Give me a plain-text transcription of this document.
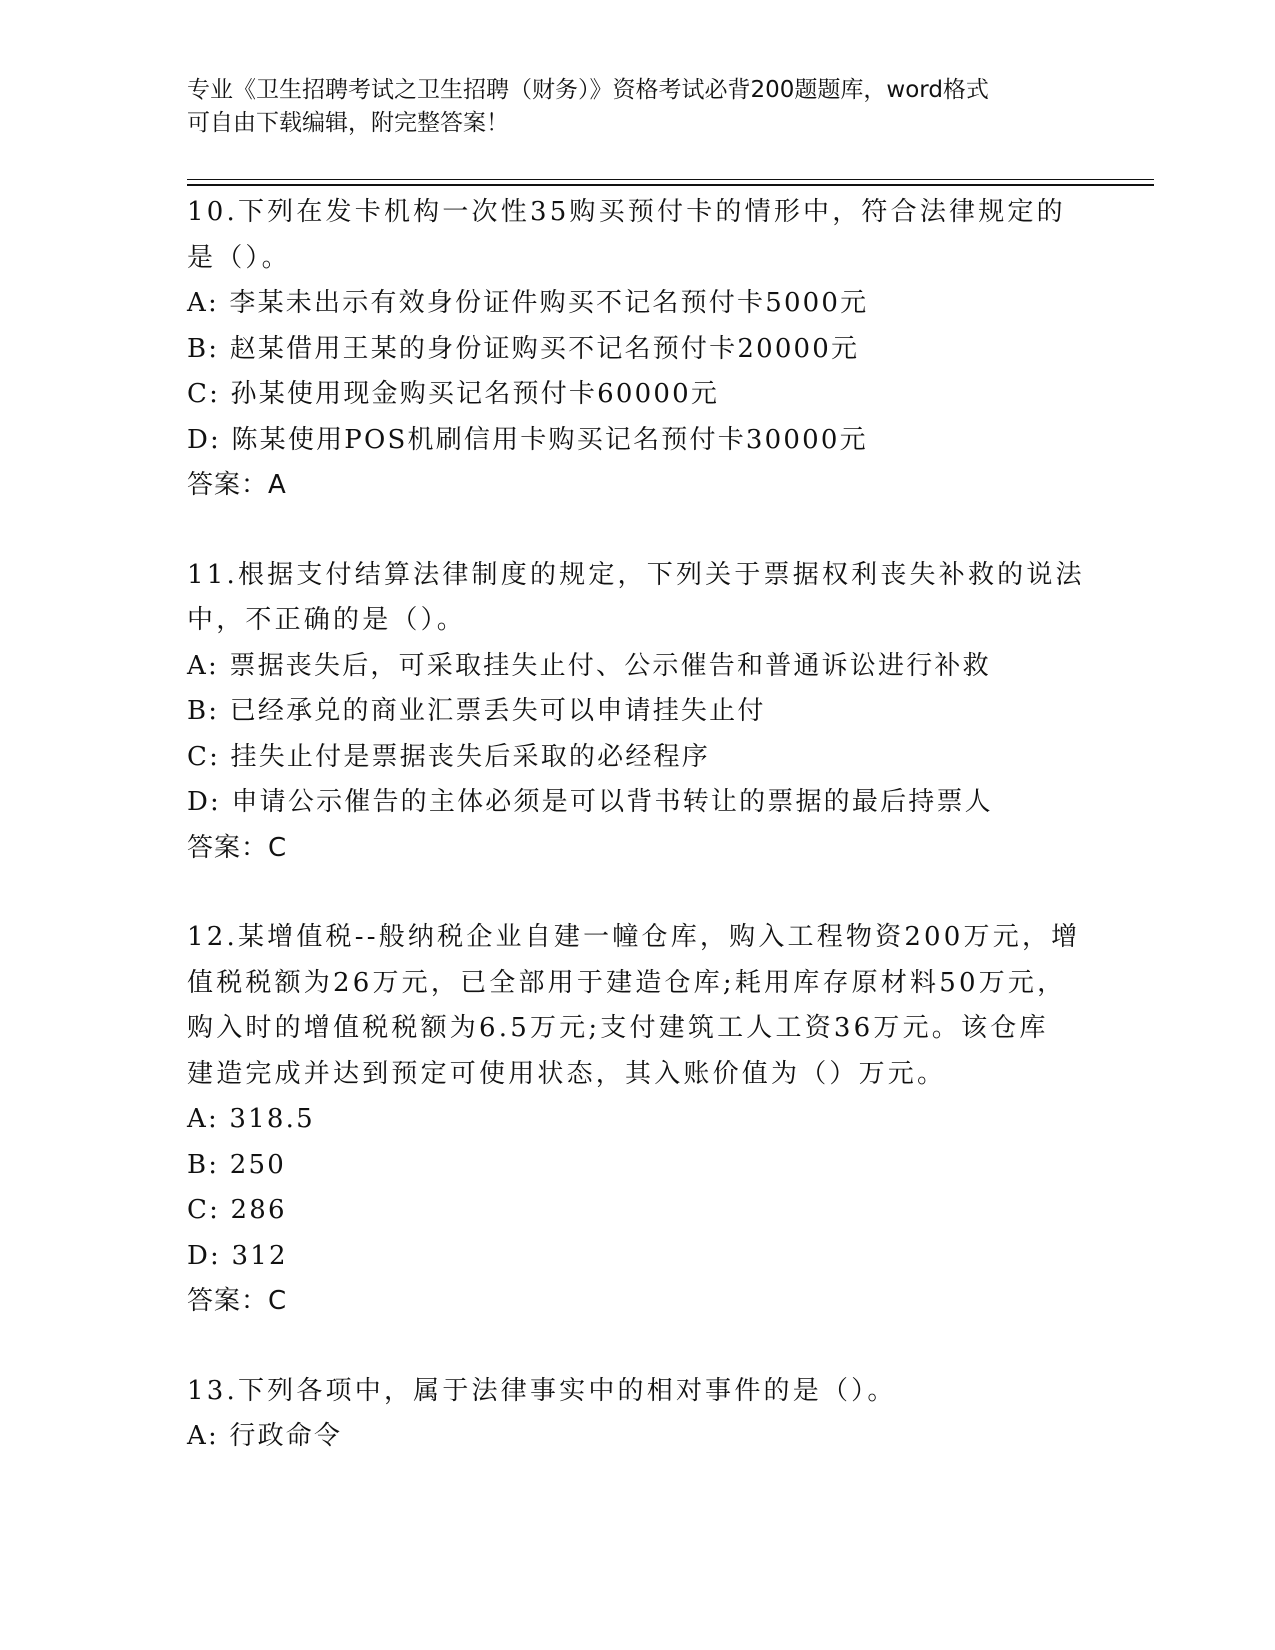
专业《卫生招聘考试之卫生招聘（财务）》资格考试必背200题题库，word格式
可自由下载编辑，附完整答案！
10.下列在发卡机构一次性35购买预付卡的情形中，符合法律规定的
是（）。
A: 李某未出示有效身份证件购买不记名预付卡5000元
B: 赵某借用王某的身份证购买不记名预付卡20000元
C: 孙某使用现金购买记名预付卡60000元
D: 陈某使用POS机刷信用卡购买记名预付卡30000元
答案：A
11.根据支付结算法律制度的规定，下列关于票据权利丧失补救的说法
中，不正确的是（）。
A: 票据丧失后，可采取挂失止付、公示催告和普通诉讼进行补救
B: 已经承兑的商业汇票丢失可以申请挂失止付
C: 挂失止付是票据丧失后采取的必经程序
D: 申请公示催告的主体必须是可以背书转让的票据的最后持票人
答案：C
12.某增值税--般纳税企业自建一幢仓库，购入工程物资200万元，增
值税税额为26万元，已全部用于建造仓库;耗用库存原材料50万元，
购入时的增值税税额为6.5万元;支付建筑工人工资36万元。该仓库
建造完成并达到预定可使用状态，其入账价值为（）万元。
A: 318.5
B: 250
C: 286
D: 312
答案：C
13.下列各项中，属于法律事实中的相对事件的是（）。
A: 行政命令
